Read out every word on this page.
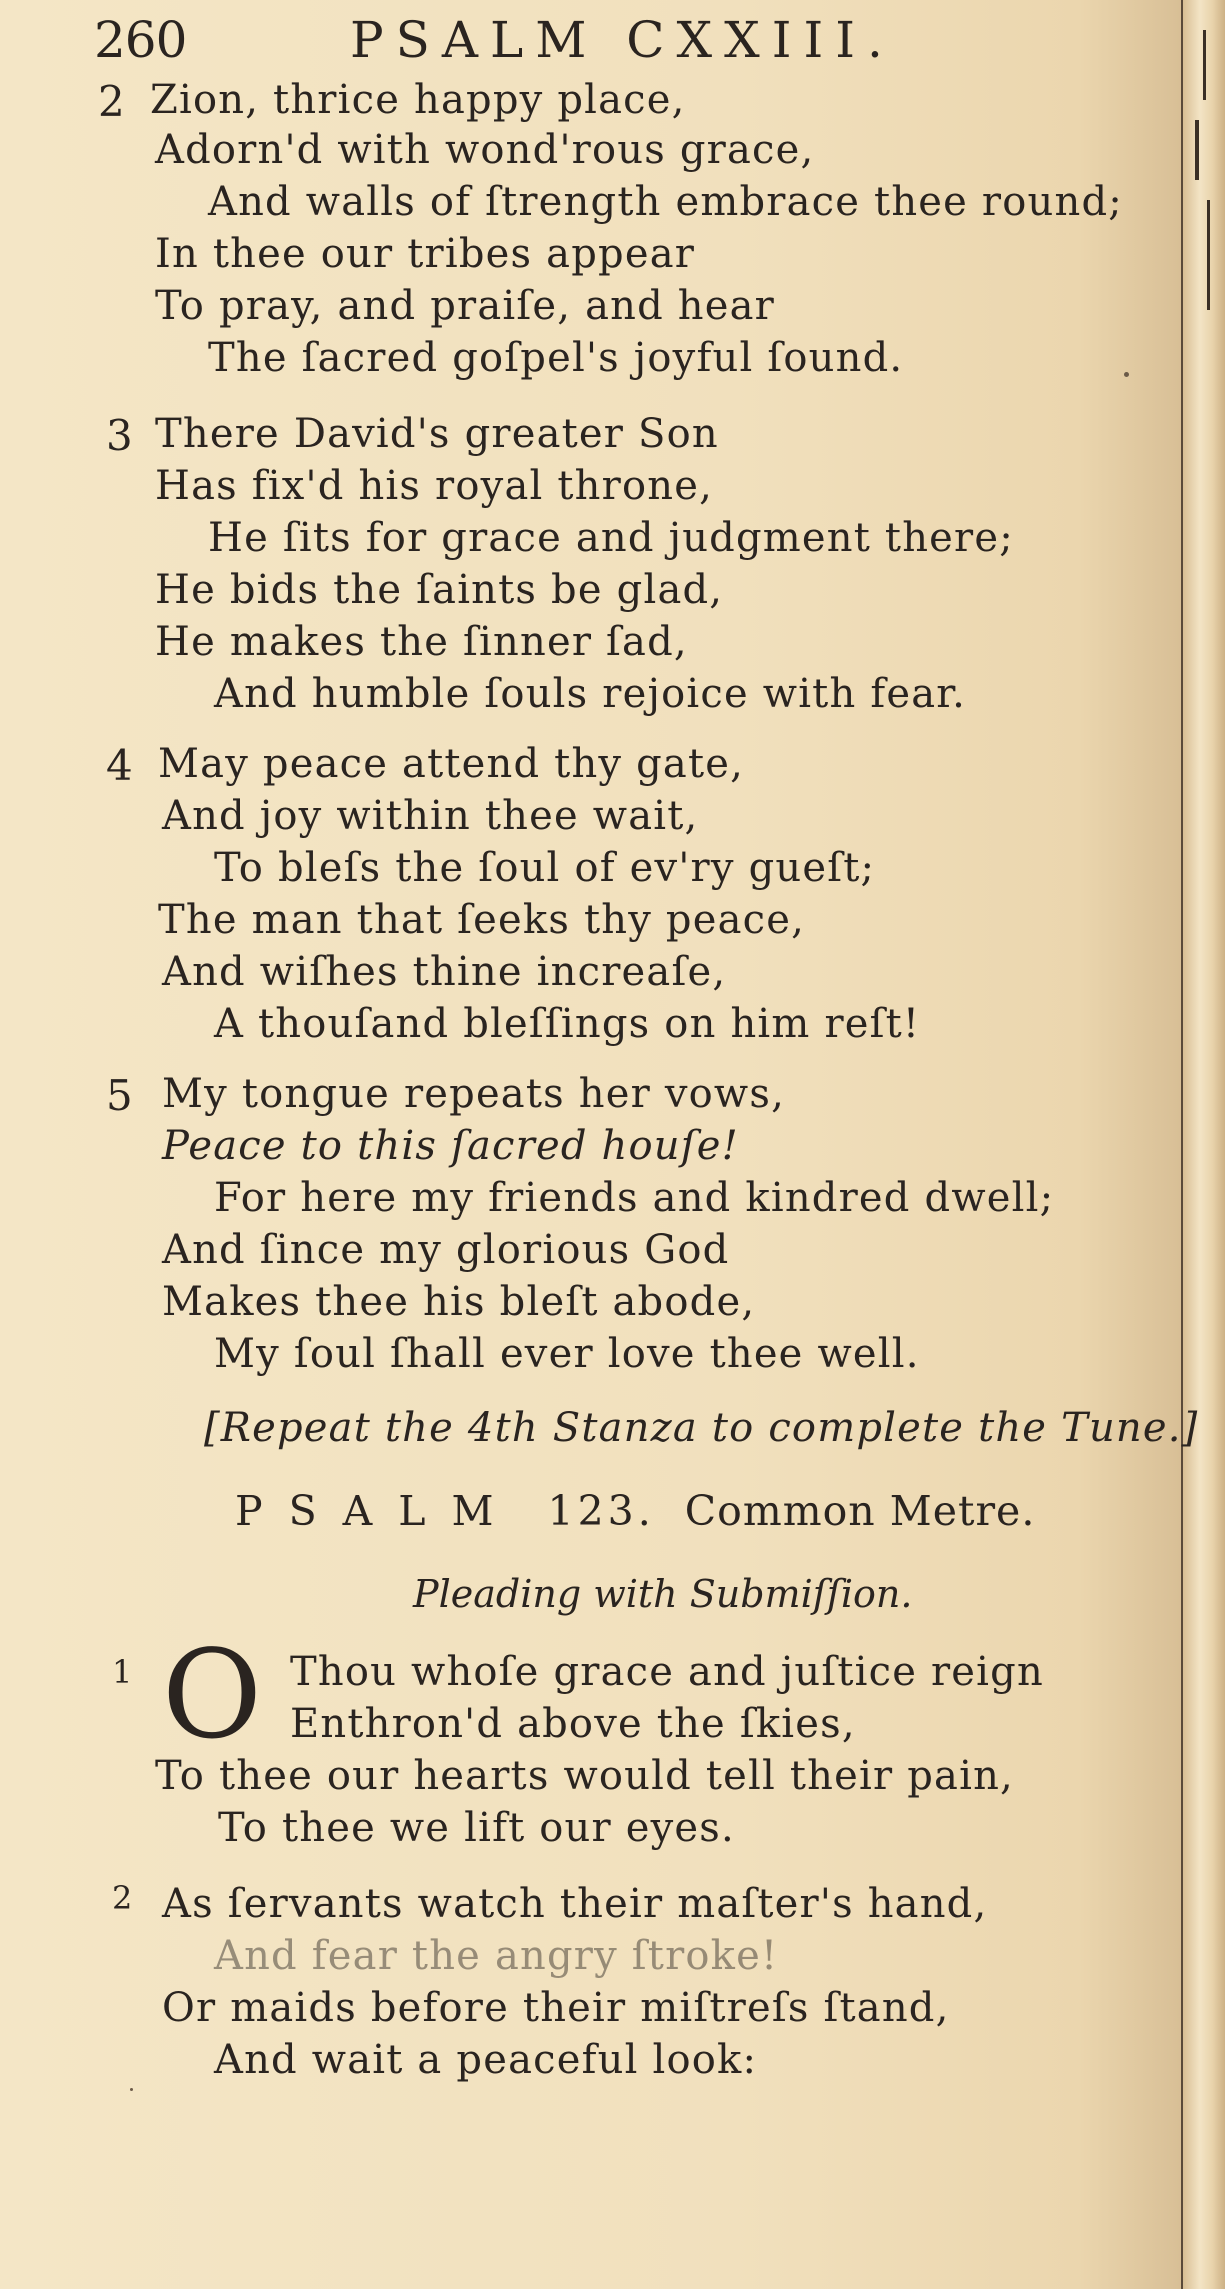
260	PSALM CXXIII.
2 Zion, thrice happy place,
Adorn'd with wond'rous grace,
And walls of ſtrength embrace thee round;
In thee our tribes appear
To pray, and praiſe, and hear
The ſacred goſpel's joyful ſound.
3 There David's greater Son
Has fix'd his royal throne,
He ſits for grace and judgment there;
He bids the ſaints be glad,
He makes the ſinner ſad,
And humble ſouls rejoice with fear.
4 May peace attend thy gate,
And joy within thee wait,
To bleſs the ſoul of ev'ry gueſt;
The man that ſeeks thy peace,
And wiſhes thine increaſe,
A thouſand bleſſings on him reſt!
5 My tongue repeats her vows,
Peace to this ſacred houſe!
For here my friends and kindred dwell;
And ſince my glorious God
Makes thee his bleſt abode,
My ſoul ſhall ever love thee well.
[Repeat the 4th Stanza to complete the Tune.]
PSALM 123. Common Metre.
Pleading with Submiſſion.
1 O Thou whoſe grace and juſtice reign
Enthron'd above the ſkies,
To thee our hearts would tell their pain,
To thee we lift our eyes.
2 As ſervants watch their maſter's hand,
And fear the angry ſtroke!
Or maids before their miſtreſs ſtand,
And wait a peaceful look:
